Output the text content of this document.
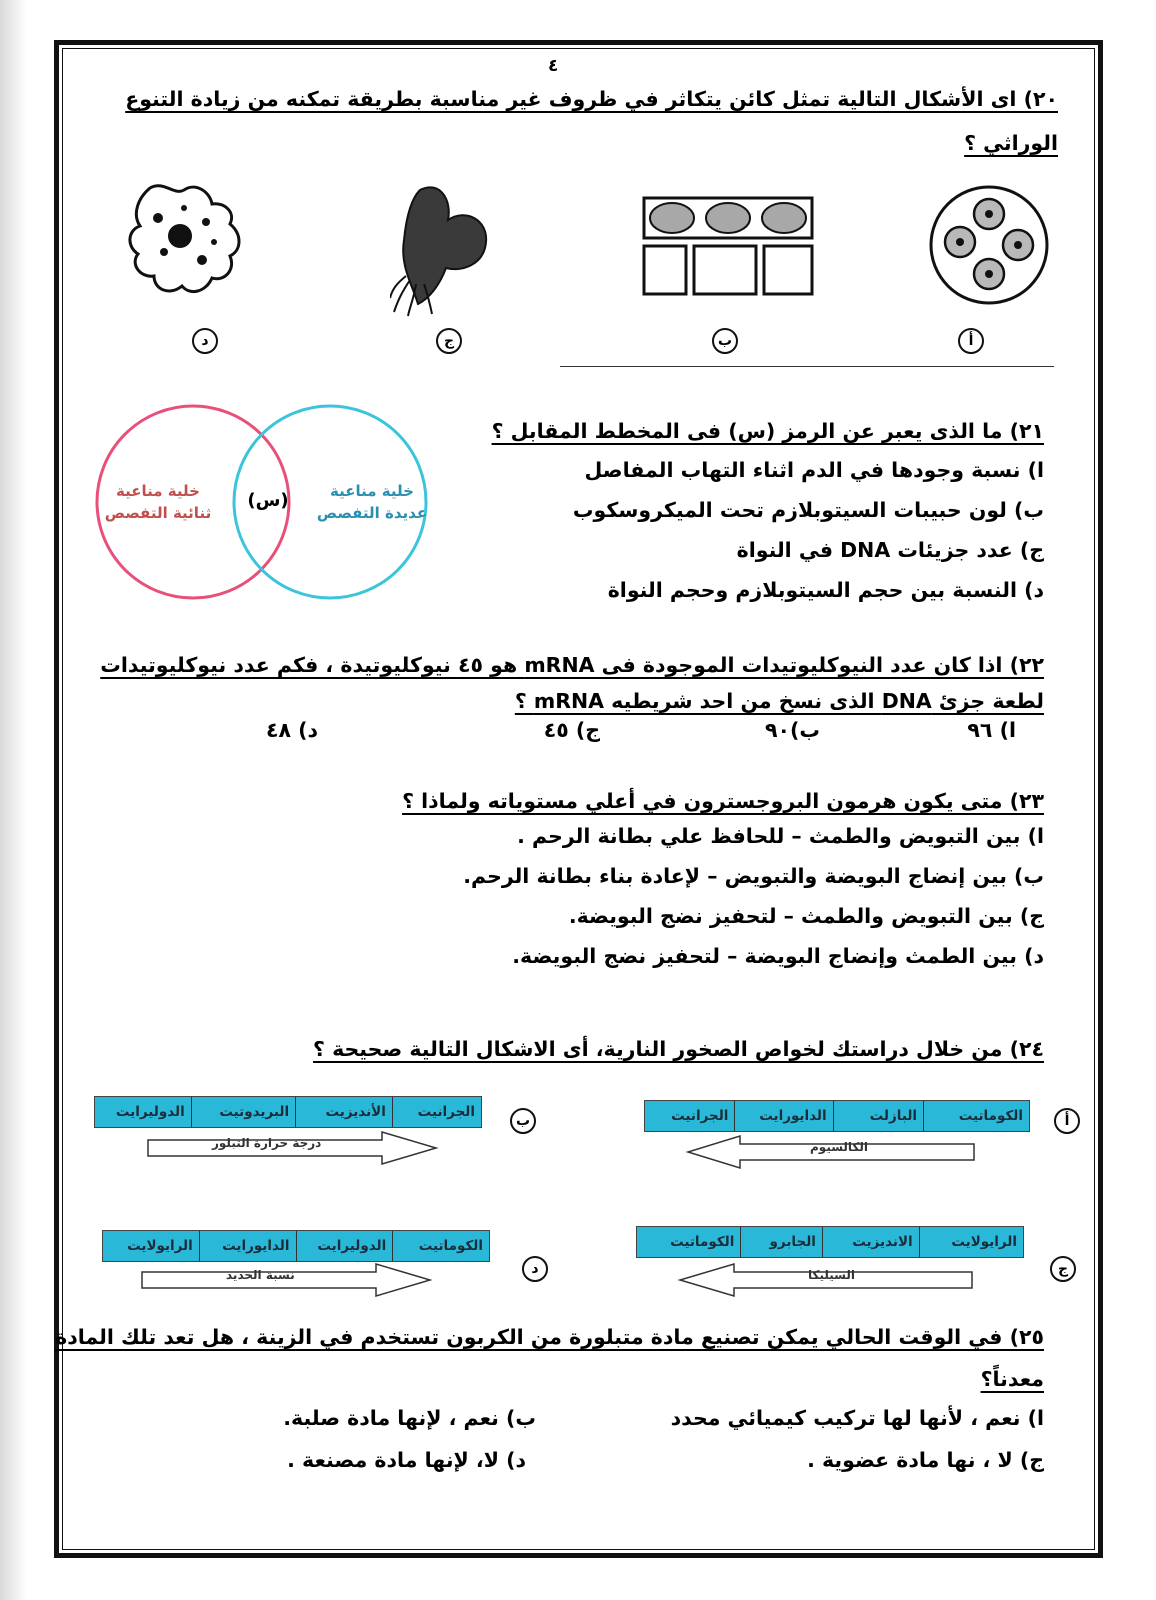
٤
٢٠) اى الأشكال التالية تمثل كائن يتكاثر في ظروف غير مناسبة بطريقة تمكنه من زيادة التنوع
الوراثي ؟
أ
ب
ج
د
٢١) ما الذى يعبر عن الرمز (س) فى المخطط المقابل ؟
ا) نسبة وجودها في الدم اثناء التهاب المفاصل
ب) لون حبيبات السيتوبلازم تحت الميكروسكوب
ج) عدد جزيئات DNA في النواة
د) النسبة بين حجم السيتوبلازم وحجم النواة
خلية مناعية
ثنائية التفصص
(س)	خلية مناعية
عديدة التفصص
٢٢) اذا كان عدد النيوكليوتيدات الموجودة فى mRNA هو ٤٥ نيوكليوتيدة ، فكم عدد نيوكليوتيدات
لطعة جزئ DNA الذى نسخ من احد شريطيه mRNA ؟
ا) ٩٦
ب)٩٠
ج) ٤٥
د) ٤٨
٢٣) متى يكون هرمون البروجسترون في أعلي مستوياته ولماذا ؟
ا) بين التبويض والطمث – للحافظ علي بطانة الرحم .
ب) بين إنضاج البويضة والتبويض – لإعادة بناء بطانة الرحم.
ج) بين التبويض والطمث – لتحفيز نضج البويضة.
د) بين الطمث وإنضاج البويضة – لتحفيز نضج البويضة.
٢٤) من خلال دراستك لخواص الصخور النارية، أى الاشكال التالية صحيحة ؟
أ
الكوماتيت
البازلت
الدايورايت
الجرانيت
الكالسيوم
ب
الجرانيت
الأنديزيت
البريدوتيت
الدوليرايت
درجة حرارة التبلور
ج
الرايولايت
الانديزيت
الجابرو
الكوماتيت
السيليكا
د
الكوماتيت
الدوليرايت
الدايورايت
الرايولايت
نسبة الحديد
٢٥) في الوقت الحالي يمكن تصنيع مادة متبلورة من الكربون تستخدم في الزينة ، هل تعد تلك المادة
معدناً؟
ا) نعم ، لأنها لها تركيب كيميائي محدد
ب) نعم ، لإنها مادة صلبة.
ج) لا ، نها مادة عضوية .
د) لا، لإنها مادة مصنعة .
